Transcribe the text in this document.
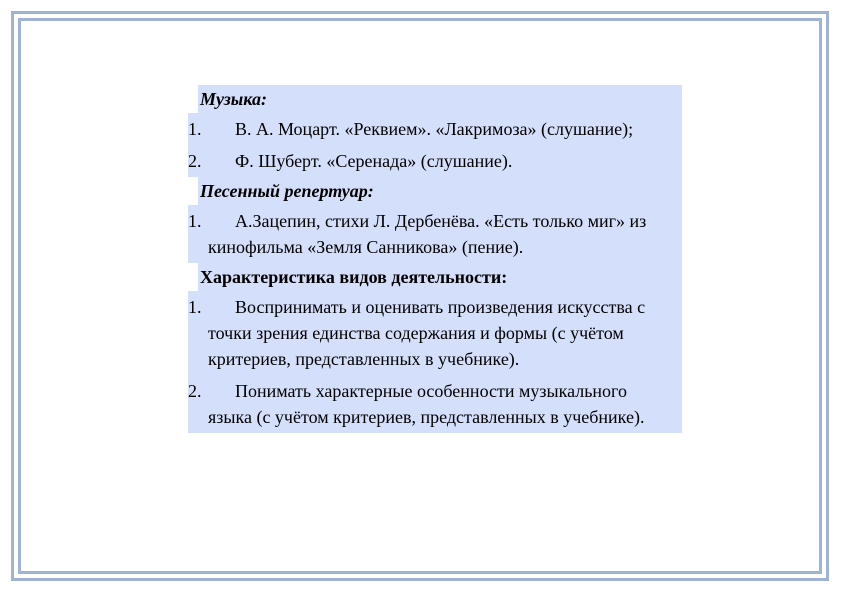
Музыка:
1.	В. А. Моцарт. «Реквием». «Лакримоза» (слушание);
2.	Ф. Шуберт. «Серенада» (слушание).
Песенный репертуар:
1.	А.Зацепин, стихи Л. Дербенёва. «Есть только миг» из кинофильма «Земля Санникова» (пение).
Характеристика видов деятельности:
1.	Воспринимать и оценивать произведения искусства с точки зрения единства содержания и формы (с учётом критериев, представленных в учебнике).
2.	Понимать характерные особенности музыкального языка (с учётом критериев, представленных в учебнике).
